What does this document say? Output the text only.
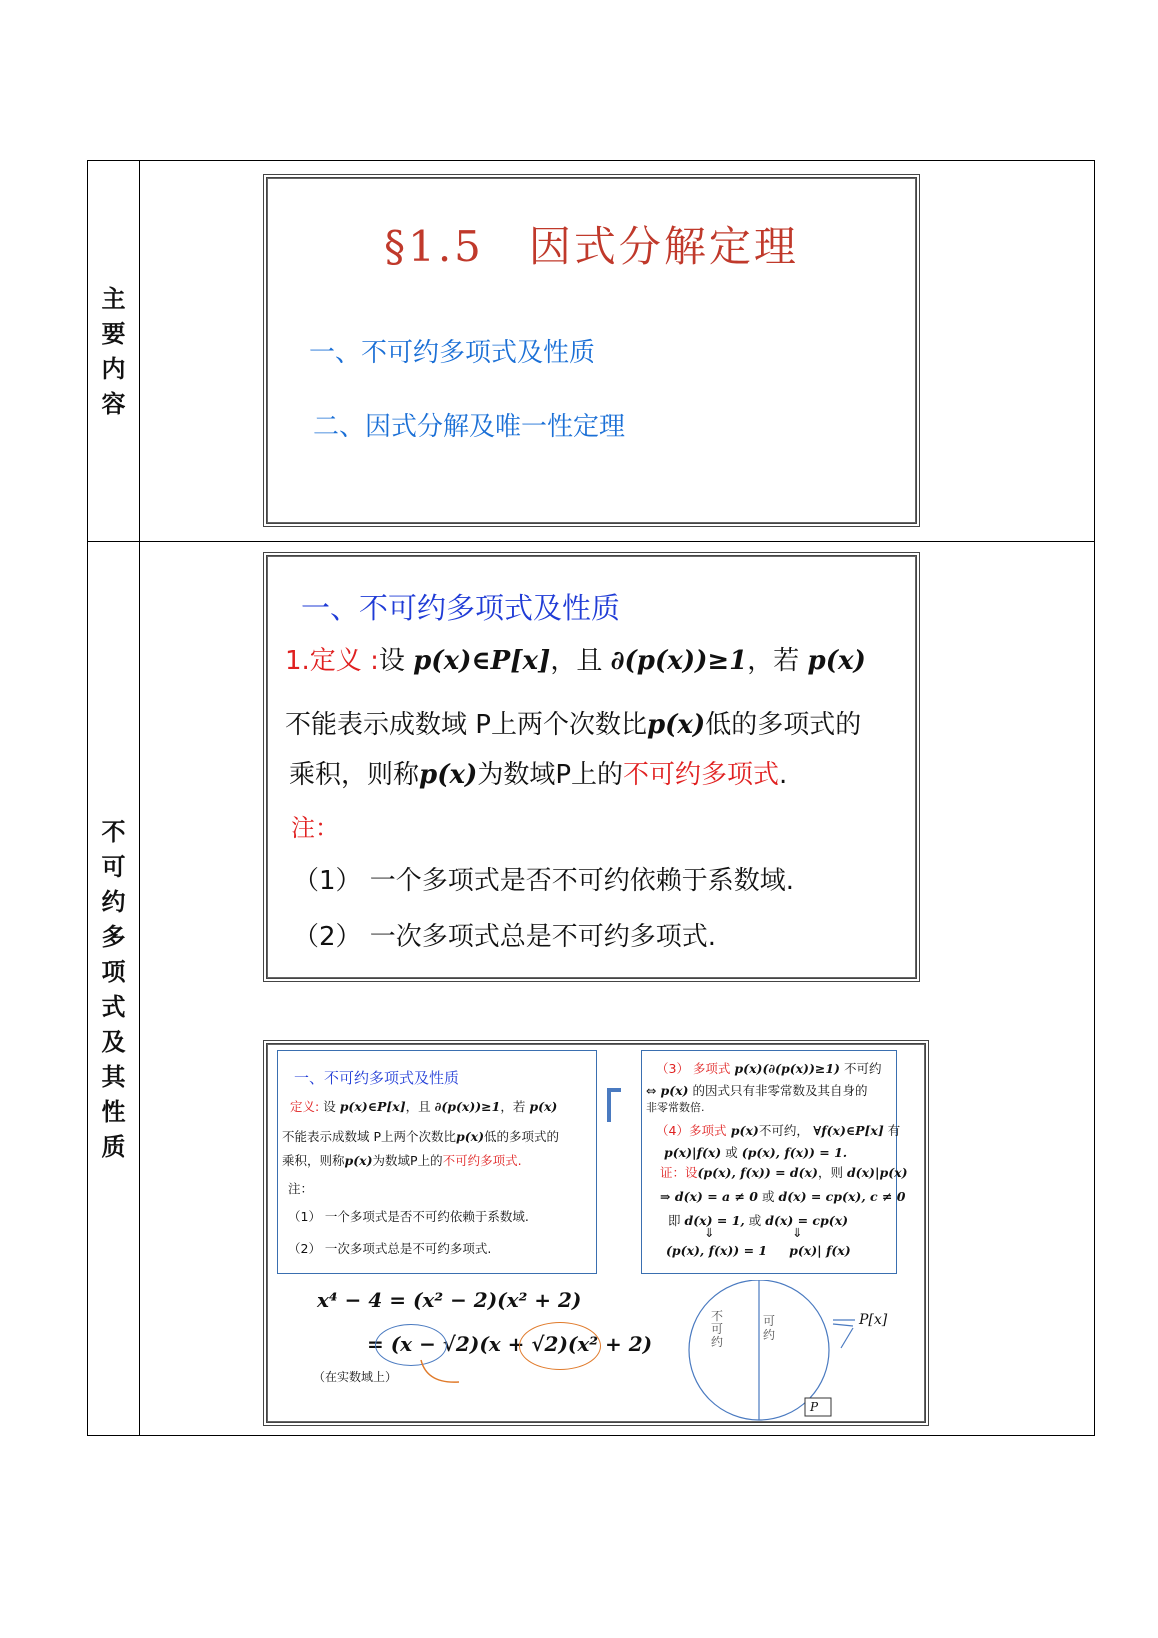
主
要
内
容
不
可
约
多
项
式
及
其
性
质
§1.5　因式分解定理
一、不可约多项式及性质
二、因式分解及唯一性定理
一、不可约多项式及性质
1.定义 :设 p(x)∈P[x]，且 ∂(p(x))≥1，若 p(x)
不能表示成数域 P上两个次数比p(x)低的多项式的
乘积，则称p(x)为数域P上的不可约多项式.
注：
（1） 一个多项式是否不可约依赖于系数域.
（2） 一次多项式总是不可约多项式.
一、不可约多项式及性质
定义: 设 p(x)∈P[x]，且 ∂(p(x))≥1，若 p(x)
不能表示成数域 P上两个次数比p(x)低的多项式的
乘积，则称p(x)为数域P上的不可约多项式.
注：
（1） 一个多项式是否不可约依赖于系数域.
（2） 一次多项式总是不可约多项式.
（3） 多项式 p(x)(∂(p(x))≥1) 不可约
⇔ p(x) 的因式只有非零常数及其自身的
非零常数倍.
（4）多项式 p(x)不可约， ∀f(x)∈P[x] 有
p(x)|f(x) 或 (p(x), f(x)) = 1.
证：设(p(x), f(x)) = d(x)，则 d(x)|p(x)
⇒ d(x) = a ≠ 0 或 d(x) = cp(x), c ≠ 0
即 d(x) = 1, 或 d(x) = cp(x)
⇓	⇓
(p(x), f(x)) = 1 p(x)| f(x)
x⁴ − 4 = (x² − 2)(x² + 2)
= (x − √2)(x + √2)(x² + 2)
（在实数域上）
不可约
可约
P[x]
P
